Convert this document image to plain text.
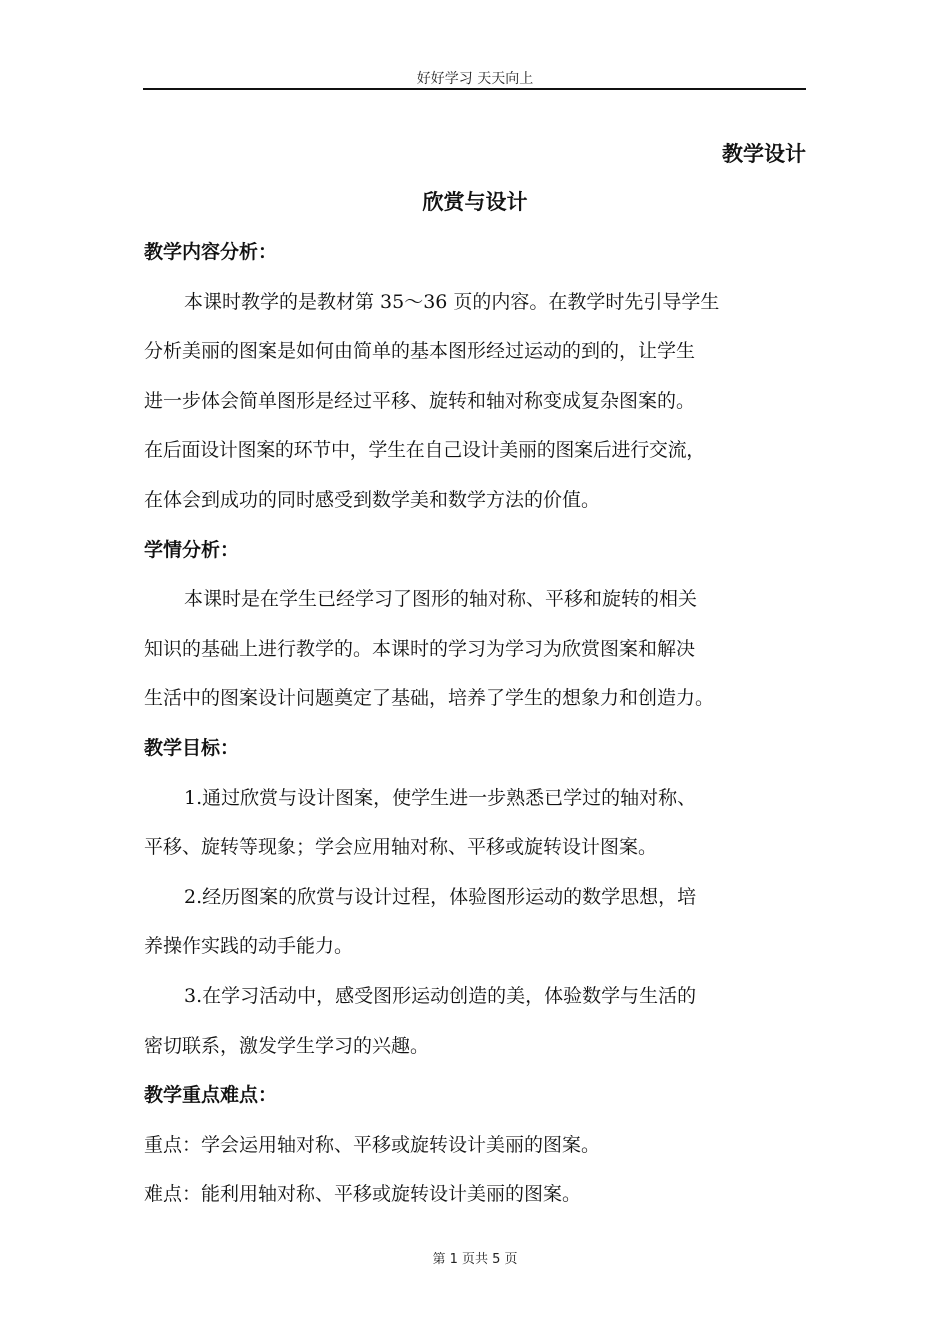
好好学习 天天向上
教学设计
欣赏与设计

教学内容分析：

本课时教学的是教材第 35～36 页的内容。在教学时先引导学生
分析美丽的图案是如何由简单的基本图形经过运动的到的，让学生
进一步体会简单图形是经过平移、旋转和轴对称变成复杂图案的。
在后面设计图案的环节中，学生在自己设计美丽的图案后进行交流，
在体会到成功的同时感受到数学美和数学方法的价值。

学情分析：

本课时是在学生已经学习了图形的轴对称、平移和旋转的相关
知识的基础上进行教学的。本课时的学习为学习为欣赏图案和解决
生活中的图案设计问题奠定了基础，培养了学生的想象力和创造力。

教学目标：

1.通过欣赏与设计图案，使学生进一步熟悉已学过的轴对称、
平移、旋转等现象；学会应用轴对称、平移或旋转设计图案。

2.经历图案的欣赏与设计过程，体验图形运动的数学思想，培
养操作实践的动手能力。

3.在学习活动中，感受图形运动创造的美，体验数学与生活的
密切联系，激发学生学习的兴趣。

教学重点难点：

重点：学会运用轴对称、平移或旋转设计美丽的图案。

难点：能利用轴对称、平移或旋转设计美丽的图案。

第 1 页共 5 页
